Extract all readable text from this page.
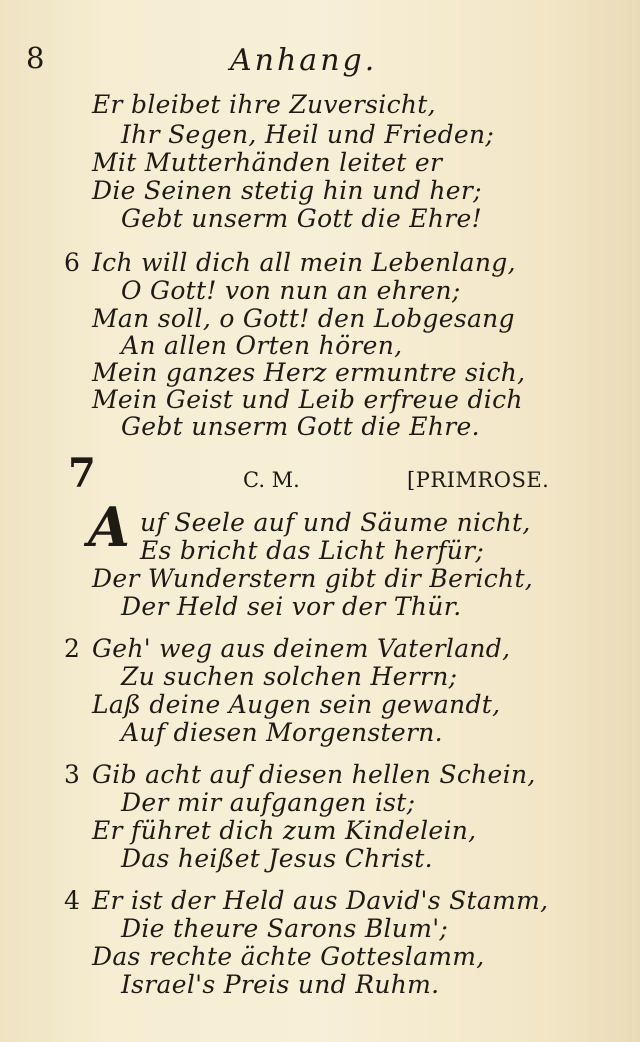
8	Anhang.
Er bleibet ihre Zuversicht,
Ihr Segen, Heil und Frieden;
Mit Mutterhänden leitet er
Die Seinen stetig hin und her;
Gebt unserm Gott die Ehre!
6 Ich will dich all mein Lebenlang,
O Gott! von nun an ehren;
Man soll, o Gott! den Lobgesang
An allen Orten hören,
Mein ganzes Herz ermuntre sich,
Mein Geist und Leib erfreue dich
Gebt unserm Gott die Ehre.
7	C. M.	[PRIMROSE.
A uf Seele auf und Säume nicht,
Es bricht das Licht herfür;
Der Wunderstern gibt dir Bericht,
Der Held sei vor der Thür.
2 Geh' weg aus deinem Vaterland,
Zu suchen solchen Herrn;
Laß deine Augen sein gewandt,
Auf diesen Morgenstern.
3 Gib acht auf diesen hellen Schein,
Der mir aufgangen ist;
Er führet dich zum Kindelein,
Das heißet Jesus Christ.
4 Er ist der Held aus David's Stamm,
Die theure Sarons Blum';
Das rechte ächte Gotteslamm,
Israel's Preis und Ruhm.
